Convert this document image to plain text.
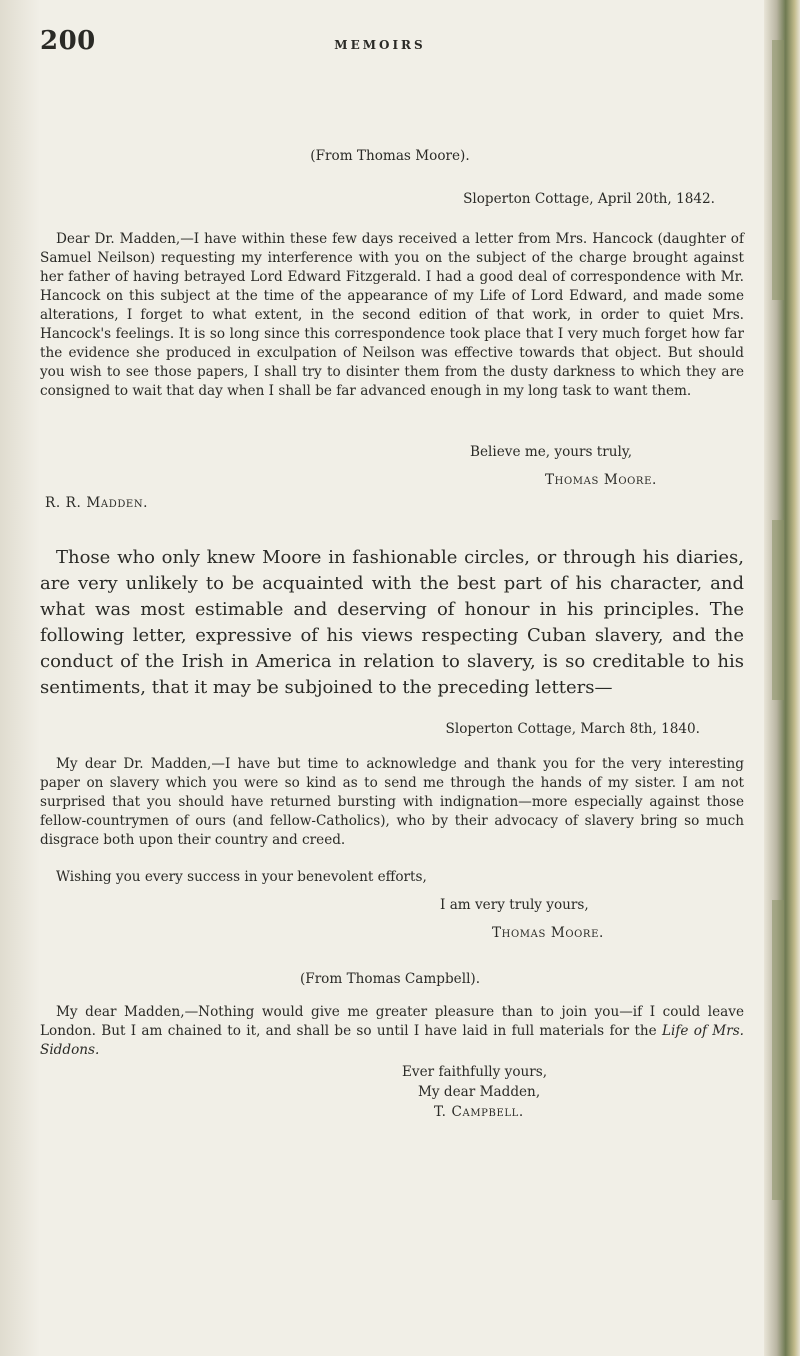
200	MEMOIRS
(From Thomas Moore).
Sloperton Cottage, April 20th, 1842.

Dear Dr. Madden,—I have within these few days received a letter from Mrs. Hancock (daughter of Samuel Neilson) requesting my interference with you on the subject of the charge brought against her father of having betrayed Lord Edward Fitzgerald. I had a good deal of correspondence with Mr. Hancock on this subject at the time of the appearance of my Life of Lord Edward, and made some alterations, I forget to what extent, in the second edition of that work, in order to quiet Mrs. Hancock's feelings. It is so long since this correspondence took place that I very much forget how far the evidence she produced in exculpation of Neilson was effective towards that object. But should you wish to see those papers, I shall try to disinter them from the dusty darkness to which they are consigned to wait that day when I shall be far advanced enough in my long task to want them.

Believe me, yours truly,
Thomas Moore.
R. R. Madden.

Those who only knew Moore in fashionable circles, or through his diaries, are very unlikely to be acquainted with the best part of his character, and what was most estimable and deserving of honour in his principles. The following letter, expressive of his views respecting Cuban slavery, and the conduct of the Irish in America in relation to slavery, is so creditable to his sentiments, that it may be subjoined to the preceding letters—

Sloperton Cottage, March 8th, 1840.

My dear Dr. Madden,—I have but time to acknowledge and thank you for the very interesting paper on slavery which you were so kind as to send me through the hands of my sister. I am not surprised that you should have returned bursting with indignation—more especially against those fellow-countrymen of ours (and fellow-Catholics), who by their advocacy of slavery bring so much disgrace both upon their country and creed.

Wishing you every success in your benevolent efforts,

I am very truly yours,
Thomas Moore.
(From Thomas Campbell).

My dear Madden,—Nothing would give me greater pleasure than to join you—if I could leave London. But I am chained to it, and shall be so until I have laid in full materials for the Life of Mrs. Siddons.

Ever faithfully yours,
My dear Madden,
T. Campbell.
